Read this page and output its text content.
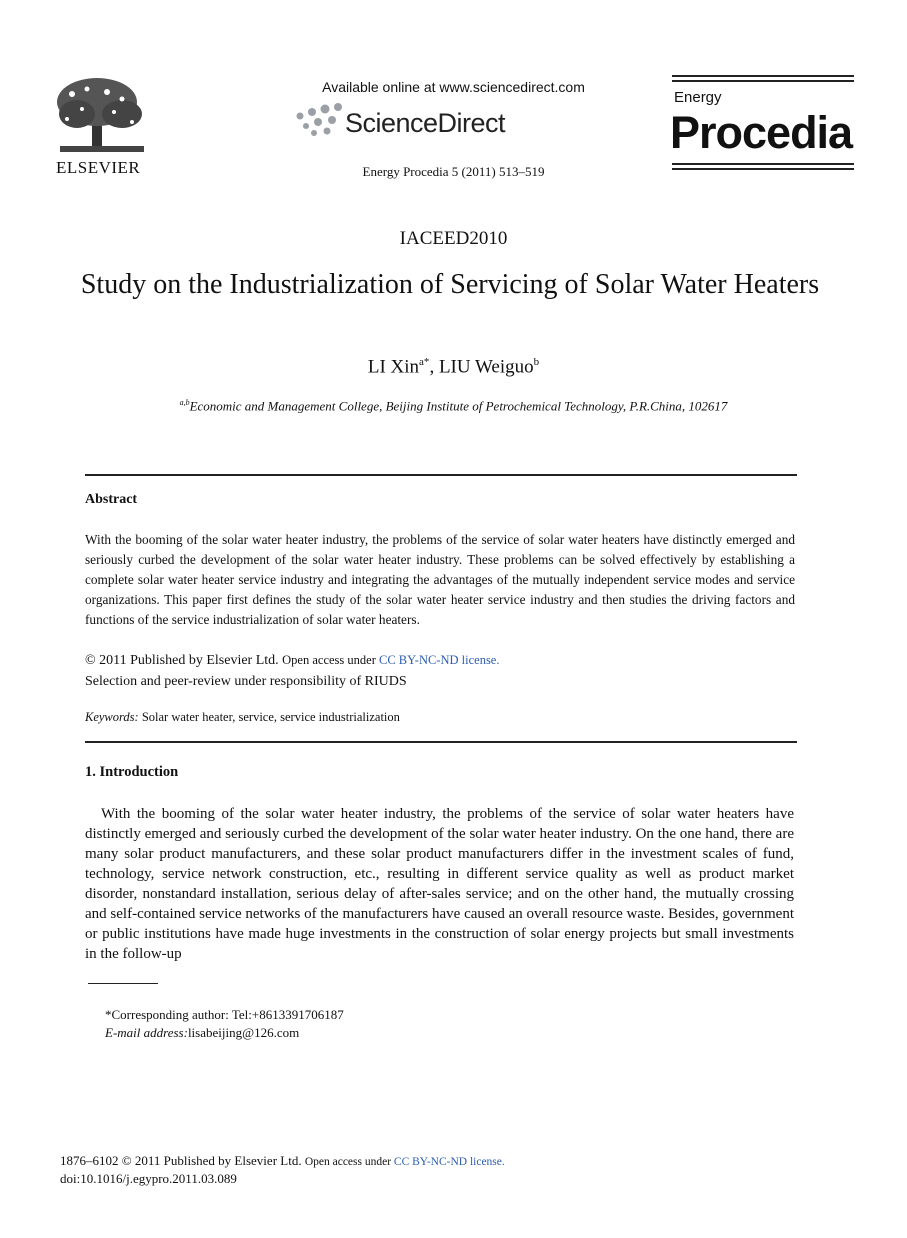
ELSEVIER
Available online at www.sciencedirect.com
ScienceDirect
Energy Procedia 5 (2011) 513–519
Energy
Procedia
IACEED2010
Study on the Industrialization of Servicing of Solar Water Heaters
LI Xin$^{a*}$, LIU Weiguo$^b$
$^{a,b}$Economic and Management College, Beijing Institute of Petrochemical Technology, P.R.China, 102617
Abstract
With the booming of the solar water heater industry, the problems of the service of solar water heaters have distinctly emerged and seriously curbed the development of the solar water heater industry. These problems can be solved effectively by establishing a complete solar water heater service industry and integrating the advantages of the mutually independent service modes and service organizations. This paper first defines the study of the solar water heater service industry and then studies the driving factors and functions of the service industrialization of solar water heaters.
© 2011 Published by Elsevier Ltd. Open access under CC BY-NC-ND license.
Selection and peer-review under responsibility of RIUDS
Keywords: Solar water heater, service, service industrialization
1. Introduction
With the booming of the solar water heater industry, the problems of the service of solar water heaters have distinctly emerged and seriously curbed the development of the solar water heater industry. On the one hand, there are many solar product manufacturers, and these solar product manufacturers differ in the investment scales of fund, technology, service network construction, etc., resulting in different service quality as well as product market disorder, nonstandard installation, serious delay of after-sales service; and on the other hand, the mutually crossing and self-contained service networks of the manufacturers have caused an overall resource waste. Besides, government or public institutions have made huge investments in the construction of solar energy projects but small investments in the follow-up
*Corresponding author: Tel:+8613391706187
E-mail address:lisabeijing@126.com
1876–6102 © 2011 Published by Elsevier Ltd. Open access under CC BY-NC-ND license.
doi:10.1016/j.egypro.2011.03.089
